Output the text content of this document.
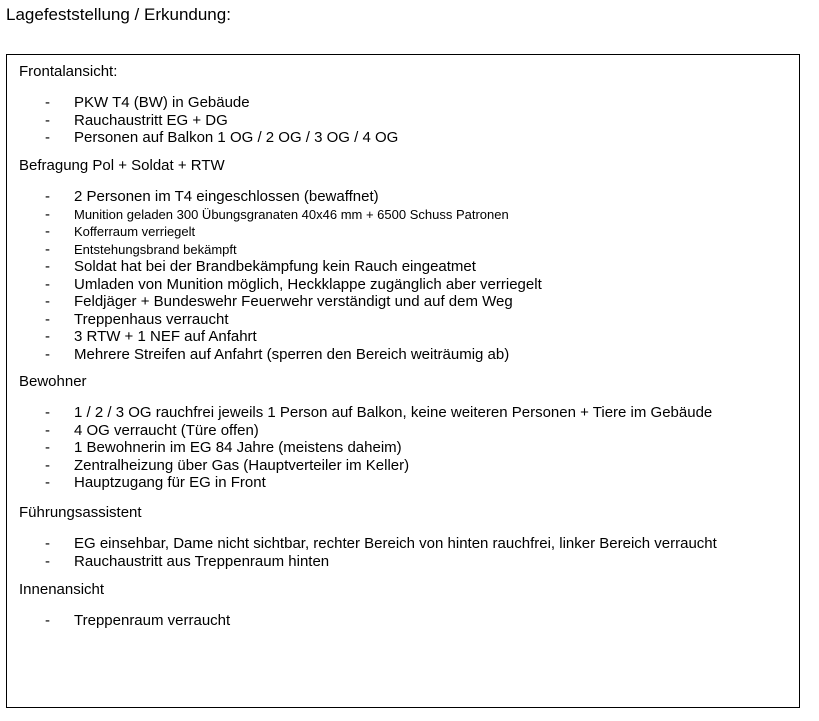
Lagefeststellung / Erkundung:
Frontalansicht:
- PKW T4 (BW) in Gebäude
- Rauchaustritt EG + DG
- Personen auf Balkon 1 OG / 2 OG / 3 OG / 4 OG
Befragung Pol + Soldat + RTW
- 2 Personen im T4 eingeschlossen (bewaffnet)
- Munition geladen 300 Übungsgranaten 40x46 mm + 6500 Schuss Patronen
- Kofferraum verriegelt
- Entstehungsbrand bekämpft
- Soldat hat bei der Brandbekämpfung kein Rauch eingeatmet
- Umladen von Munition möglich, Heckklappe zugänglich aber verriegelt
- Feldjäger + Bundeswehr Feuerwehr verständigt und auf dem Weg
- Treppenhaus verraucht
- 3 RTW + 1 NEF auf Anfahrt
- Mehrere Streifen auf Anfahrt (sperren den Bereich weiträumig ab)
Bewohner
- 1 / 2 / 3 OG rauchfrei jeweils 1 Person auf Balkon, keine weiteren Personen + Tiere im Gebäude
- 4 OG verraucht (Türe offen)
- 1 Bewohnerin im EG 84 Jahre (meistens daheim)
- Zentralheizung über Gas (Hauptverteiler im Keller)
- Hauptzugang für EG in Front
Führungsassistent
- EG einsehbar, Dame nicht sichtbar, rechter Bereich von hinten rauchfrei, linker Bereich verraucht
- Rauchaustritt aus Treppenraum hinten
Innenansicht
- Treppenraum verraucht
